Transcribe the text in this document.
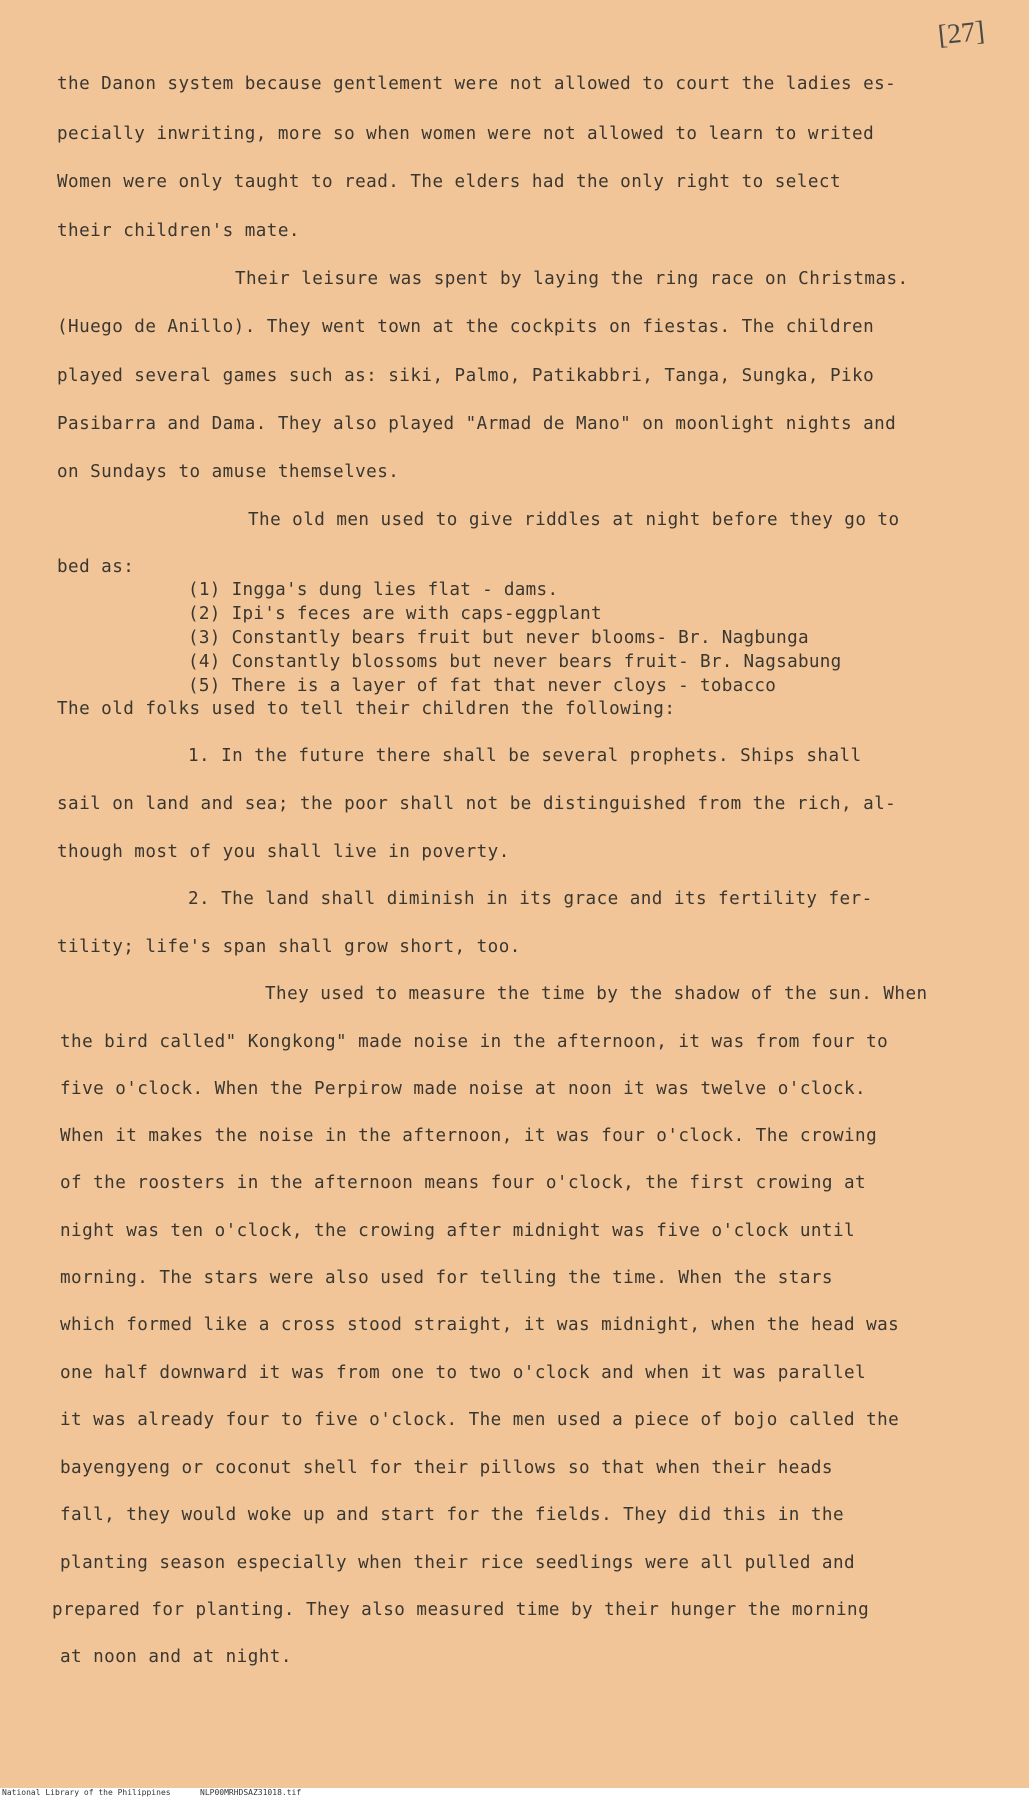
[27]
the Danon system because gentlement were not allowed to court the ladies es-
pecially inwriting, more so when women were not allowed to learn to writed
Women were only taught to read. The elders had the only right to select
their children's mate.
Their leisure was spent by laying the ring race on Christmas.
(Huego de Anillo). They went town at the cockpits on fiestas. The children
played several games such as: siki, Palmo, Patikabbri, Tanga, Sungka, Piko
Pasibarra and Dama. They also played "Armad de Mano" on moonlight nights and
on Sundays to amuse themselves.
The old men used to give riddles at night before they go to
bed as:
(1) Ingga's dung lies flat - dams.
(2) Ipi's feces are with caps-eggplant
(3) Constantly bears fruit but never blooms- Br. Nagbunga
(4) Constantly blossoms but never bears fruit- Br. Nagsabung
(5) There is a layer of fat that never cloys - tobacco
The old folks used to tell their children the following:
1. In the future there shall be several prophets. Ships shall
sail on land and sea; the poor shall not be distinguished from the rich, al-
though most of you shall live in poverty.
2. The land shall diminish in its grace and its fertility fer-
tility; life's span shall grow short, too.
They used to measure the time by the shadow of the sun. When
the bird called" Kongkong" made noise in the afternoon, it was from four to
five o'clock. When the Perpirow made noise at noon it was twelve o'clock.
When it makes the noise in the afternoon, it was four o'clock. The crowing
of the roosters in the afternoon means four o'clock, the first crowing at
night was ten o'clock, the crowing after midnight was five o'clock until
morning. The stars were also used for telling the time. When the stars
which formed like a cross stood straight, it was midnight, when the head was
one half downward it was from one to two o'clock and when it was parallel
it was already four to five o'clock. The men used a piece of bojo called the
bayengyeng or coconut shell for their pillows so that when their heads
fall, they would woke up and start for the fields. They did this in the
planting season especially when their rice seedlings were all pulled and
prepared for planting. They also measured time by their hunger the morning
at noon and at night.
National Library of the Philippines	NLP00MRHDSAZ31018.tif
